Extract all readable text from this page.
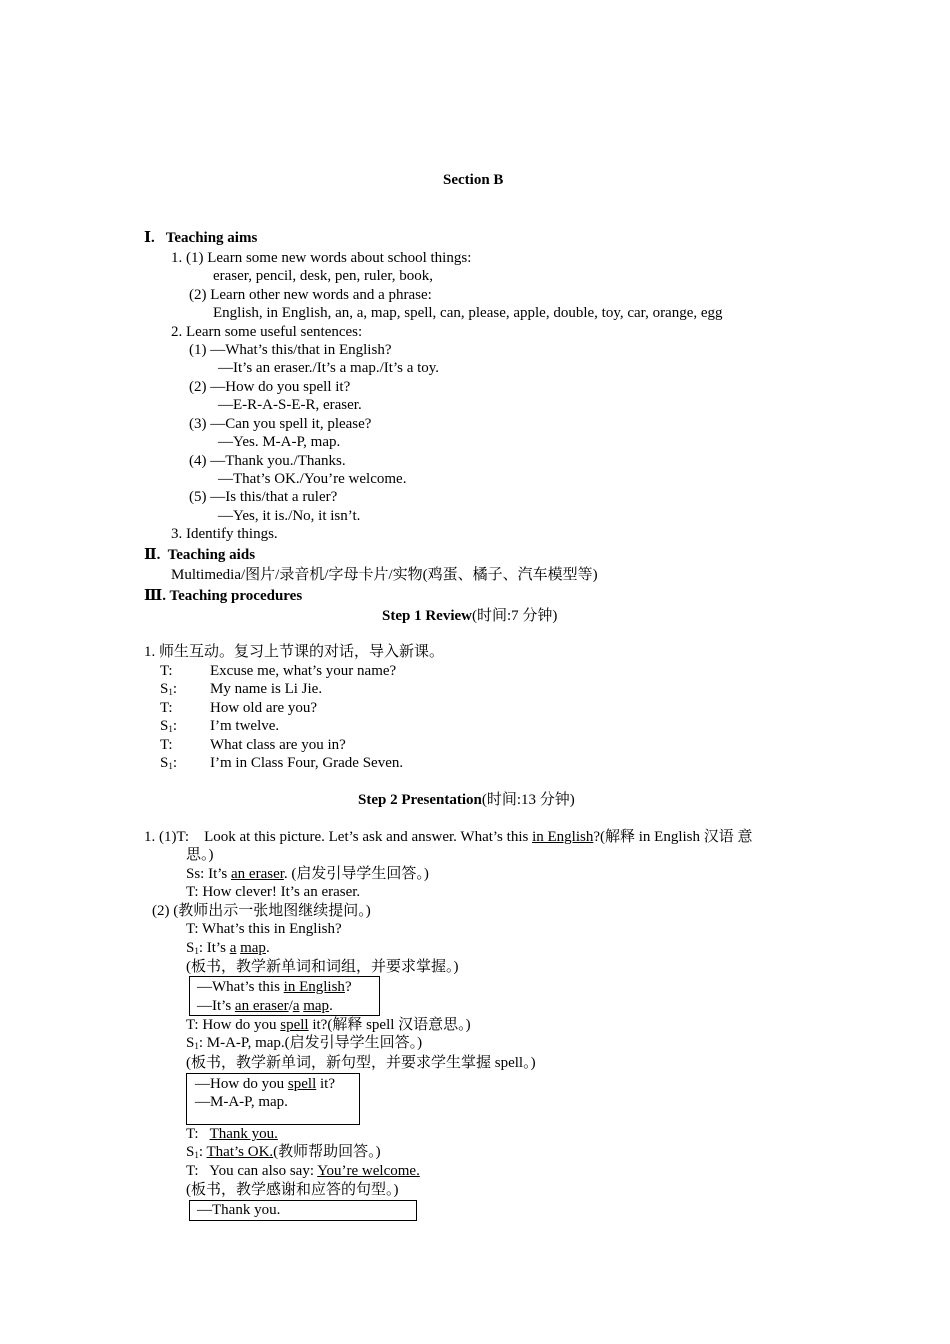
Section B
Ⅰ. Teaching aims
1. (1) Learn some new words about school things:
eraser, pencil, desk, pen, ruler, book,
(2) Learn other new words and a phrase:
English, in English, an, a, map, spell, can, please, apple, double, toy, car, orange, egg
2. Learn some useful sentences:
(1) —What’s this/that in English?
—It’s an eraser./It’s a map./It’s a toy.
(2) —How do you spell it?
—E-R-A-S-E-R, eraser.
(3) —Can you spell it, please?
—Yes. M-A-P, map.
(4) —Thank you./Thanks.
—That’s OK./You’re welcome.
(5) —Is this/that a ruler?
—Yes, it is./No, it isn’t.
3. Identify things.
Ⅱ. Teaching aids
Multimedia/图片/录音机/字母卡片/实物(鸡蛋、橘子、汽车模型等)
Ⅲ. Teaching procedures
Step 1 Review(时间:7 分钟)
1. 师生互动。复习上节课的对话，导入新课。
T: Excuse me, what’s your name?
$S_1$: My name is Li Jie.
T: How old are you?
$S_1$: I’m twelve.
T: What class are you in?
$S_1$: I’m in Class Four, Grade Seven.
Step 2 Presentation(时间:13 分钟)
1. (1)T: Look at this picture. Let’s ask and answer. What’s this in English?(解释 in English 汉语 意
思。)
Ss: It’s an eraser. (启发引导学生回答。)
T: How clever! It’s an eraser.
(2) (教师出示一张地图继续提问。)
T: What’s this in English?
$S_1$: It’s a map.
(板书，教学新单词和词组，并要求掌握。)
—What’s this in English?
—It’s an eraser/a map.
T: How do you spell it?(解释 spell 汉语意思。)
$S_1$: M-A-P, map.(启发引导学生回答。)
(板书，教学新单词，新句型，并要求学生掌握 spell。)
—How do you spell it?
—M-A-P, map.
T:   Thank you.
$S_1$: That’s OK.(教师帮助回答。)
T:   You can also say: You’re welcome.
(板书，教学感谢和应答的句型。)
—Thank you.
